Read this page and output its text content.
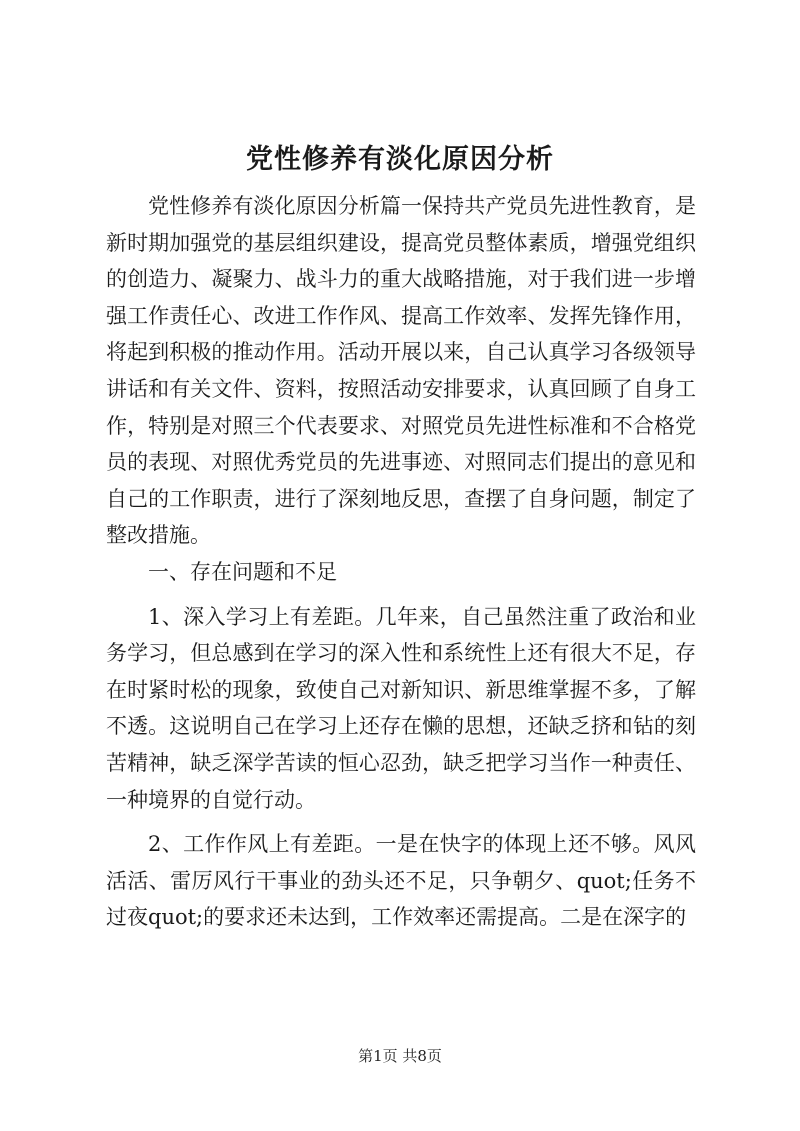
党性修养有淡化原因分析

党性修养有淡化原因分析篇一保持共产党员先进性教育，是新时期加强党的基层组织建设，提高党员整体素质，增强党组织的创造力、凝聚力、战斗力的重大战略措施，对于我们进一步增强工作责任心、改进工作作风、提高工作效率、发挥先锋作用，将起到积极的推动作用。活动开展以来，自己认真学习各级领导讲话和有关文件、资料，按照活动安排要求，认真回顾了自身工作，特别是对照三个代表要求、对照党员先进性标准和不合格党员的表现、对照优秀党员的先进事迹、对照同志们提出的意见和自己的工作职责，进行了深刻地反思，查摆了自身问题，制定了整改措施。

一、存在问题和不足

1、深入学习上有差距。几年来，自己虽然注重了政治和业务学习，但总感到在学习的深入性和系统性上还有很大不足，存在时紧时松的现象，致使自己对新知识、新思维掌握不多，了解不透。这说明自己在学习上还存在懒的思想，还缺乏挤和钻的刻苦精神，缺乏深学苦读的恒心忍劲，缺乏把学习当作一种责任、一种境界的自觉行动。

2、工作作风上有差距。一是在快字的体现上还不够。风风活活、雷厉风行干事业的劲头还不足，只争朝夕、quot;任务不过夜quot;的要求还未达到，工作效率还需提高。二是在深字的

第1页 共8页
